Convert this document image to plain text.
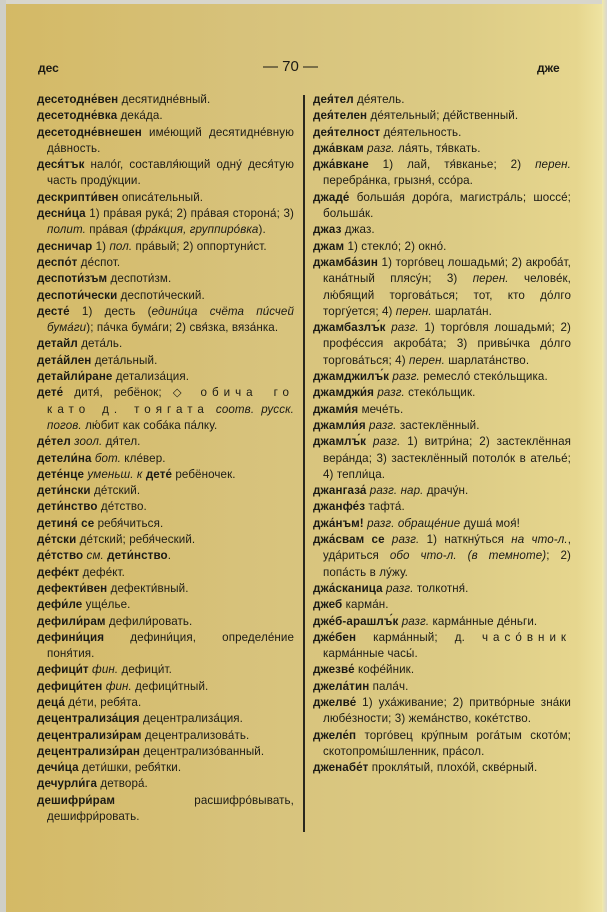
дес	— 70 —	дже

десетодне́вен десятидне́вный.

десетодне́вка дека́да.

десетодне́внешен име́ющий десятидне́вную да́вность.

деся́тък нало́г, составля́ющий одну́ деся́тую часть проду́кции.

дескрипти́вен описа́тельный.

десни́ца 1) пра́вая рука́; 2) пра́вая сторона́; 3) полит. пра́вая (фра́кция, группиро́вка).

десничар 1) пол. пра́вый; 2) оппортуни́ст.

деспо́т де́спот.

деспоти́зъм деспоти́зм.

деспоти́чески деспоти́ческий.

десте́ 1) десть (едини́ца счёта пи́счей бума́ги); па́чка бума́ги; 2) свя́зка, вяза́нка.

детайл дета́ль.

дета́йлен дета́льный.

детайли́ране детализа́ция.

дете́ дитя́, ребёнок; ◇ обича го като д. тоягата соотв. русск. погов. лю́бит как соба́ка па́лку.

де́тел зоол. дя́тел.

детели́на бот. кле́вер.

дете́нце уменьш. к дете́ ребёночек.

дети́нски де́тский.

дети́нство де́тство.

детиня́ се ребя́читься.

де́тски де́тский; ребя́ческий.

де́тство см. дети́нство.

дефе́кт дефе́кт.

дефекти́вен дефекти́вный.

дефи́ле уще́лье.

дефили́рам дефили́ровать.

дефини́ция дефини́ция, определе́ние поня́тия.

дефици́т фин. дефици́т.

дефици́тен фин. дефици́тный.

деца́ де́ти, ребя́та.

децентрализа́ция децентрализа́ция.

децентрализи́рам децентрализова́ть.

децентрализи́ран децентрализо́ванный.

дечи́ца дети́шки, ребя́тки.

дечурли́га детвора́.

дешифри́рам расшифро́вывать, дешифри́ровать.

дея́тел де́ятель.

дея́телен де́ятельный; де́йственный.

дея́телност де́ятельность.

джа́вкам разг. ла́ять, тя́вкать.

джа́вкане 1) лай, тя́вканье; 2) перен. перебра́нка, грызня́, ссо́ра.

джаде́ больша́я доро́га, магистра́ль; шоссе́; больша́к.

джаз джаз.

джам 1) стекло́; 2) окно́.

джамба́зин 1) торго́вец лошадьми́; 2) акроба́т, кана́тный плясу́н; 3) перен. челове́к, лю́бящий торгова́ться; тот, кто до́лго торгу́ется; 4) перен. шарлата́н.

джамбазлъ́к разг. 1) торго́вля лошадьми́; 2) профе́ссия акроба́та; 3) привы́чка до́лго торгова́ться; 4) перен. шарлата́нство.

джамджилъ́к разг. ремесло́ стеко́льщика.

джамджи́я разг. стеко́льщик.

джами́я мече́ть.

джамли́я разг. застеклённый.

джамлъ́к разг. 1) витри́на; 2) застеклённая вера́нда; 3) застеклённый потоло́к в ателье́; 4) тепли́ца.

джангаза́ разг. нар. драчу́н.

джанфе́з тафта́.

джа́нъм! разг. обраще́ние душа́ моя́!

джа́свам се разг. 1) наткну́ться на что-л., уда́риться обо что-л. (в темноте); 2) попа́сть в лу́жу.

джа́сканица разг. толкотня́.

джеб карма́н.

дже́б-арашлъ́к разг. карма́нные де́ньги.

дже́бен карма́нный; д. часо́вник карма́нные часы́.

джезве́ кофе́йник.

джела́тин пала́ч.

джелве́ 1) уха́живание; 2) притво́рные зна́ки любе́зности; 3) жема́нство, коке́тство.

джеле́п торго́вец кру́пным рога́тым ското́м; скотопромы́шленник, пра́сол.

дженабе́т прокля́тый, плохо́й, скве́рный.
